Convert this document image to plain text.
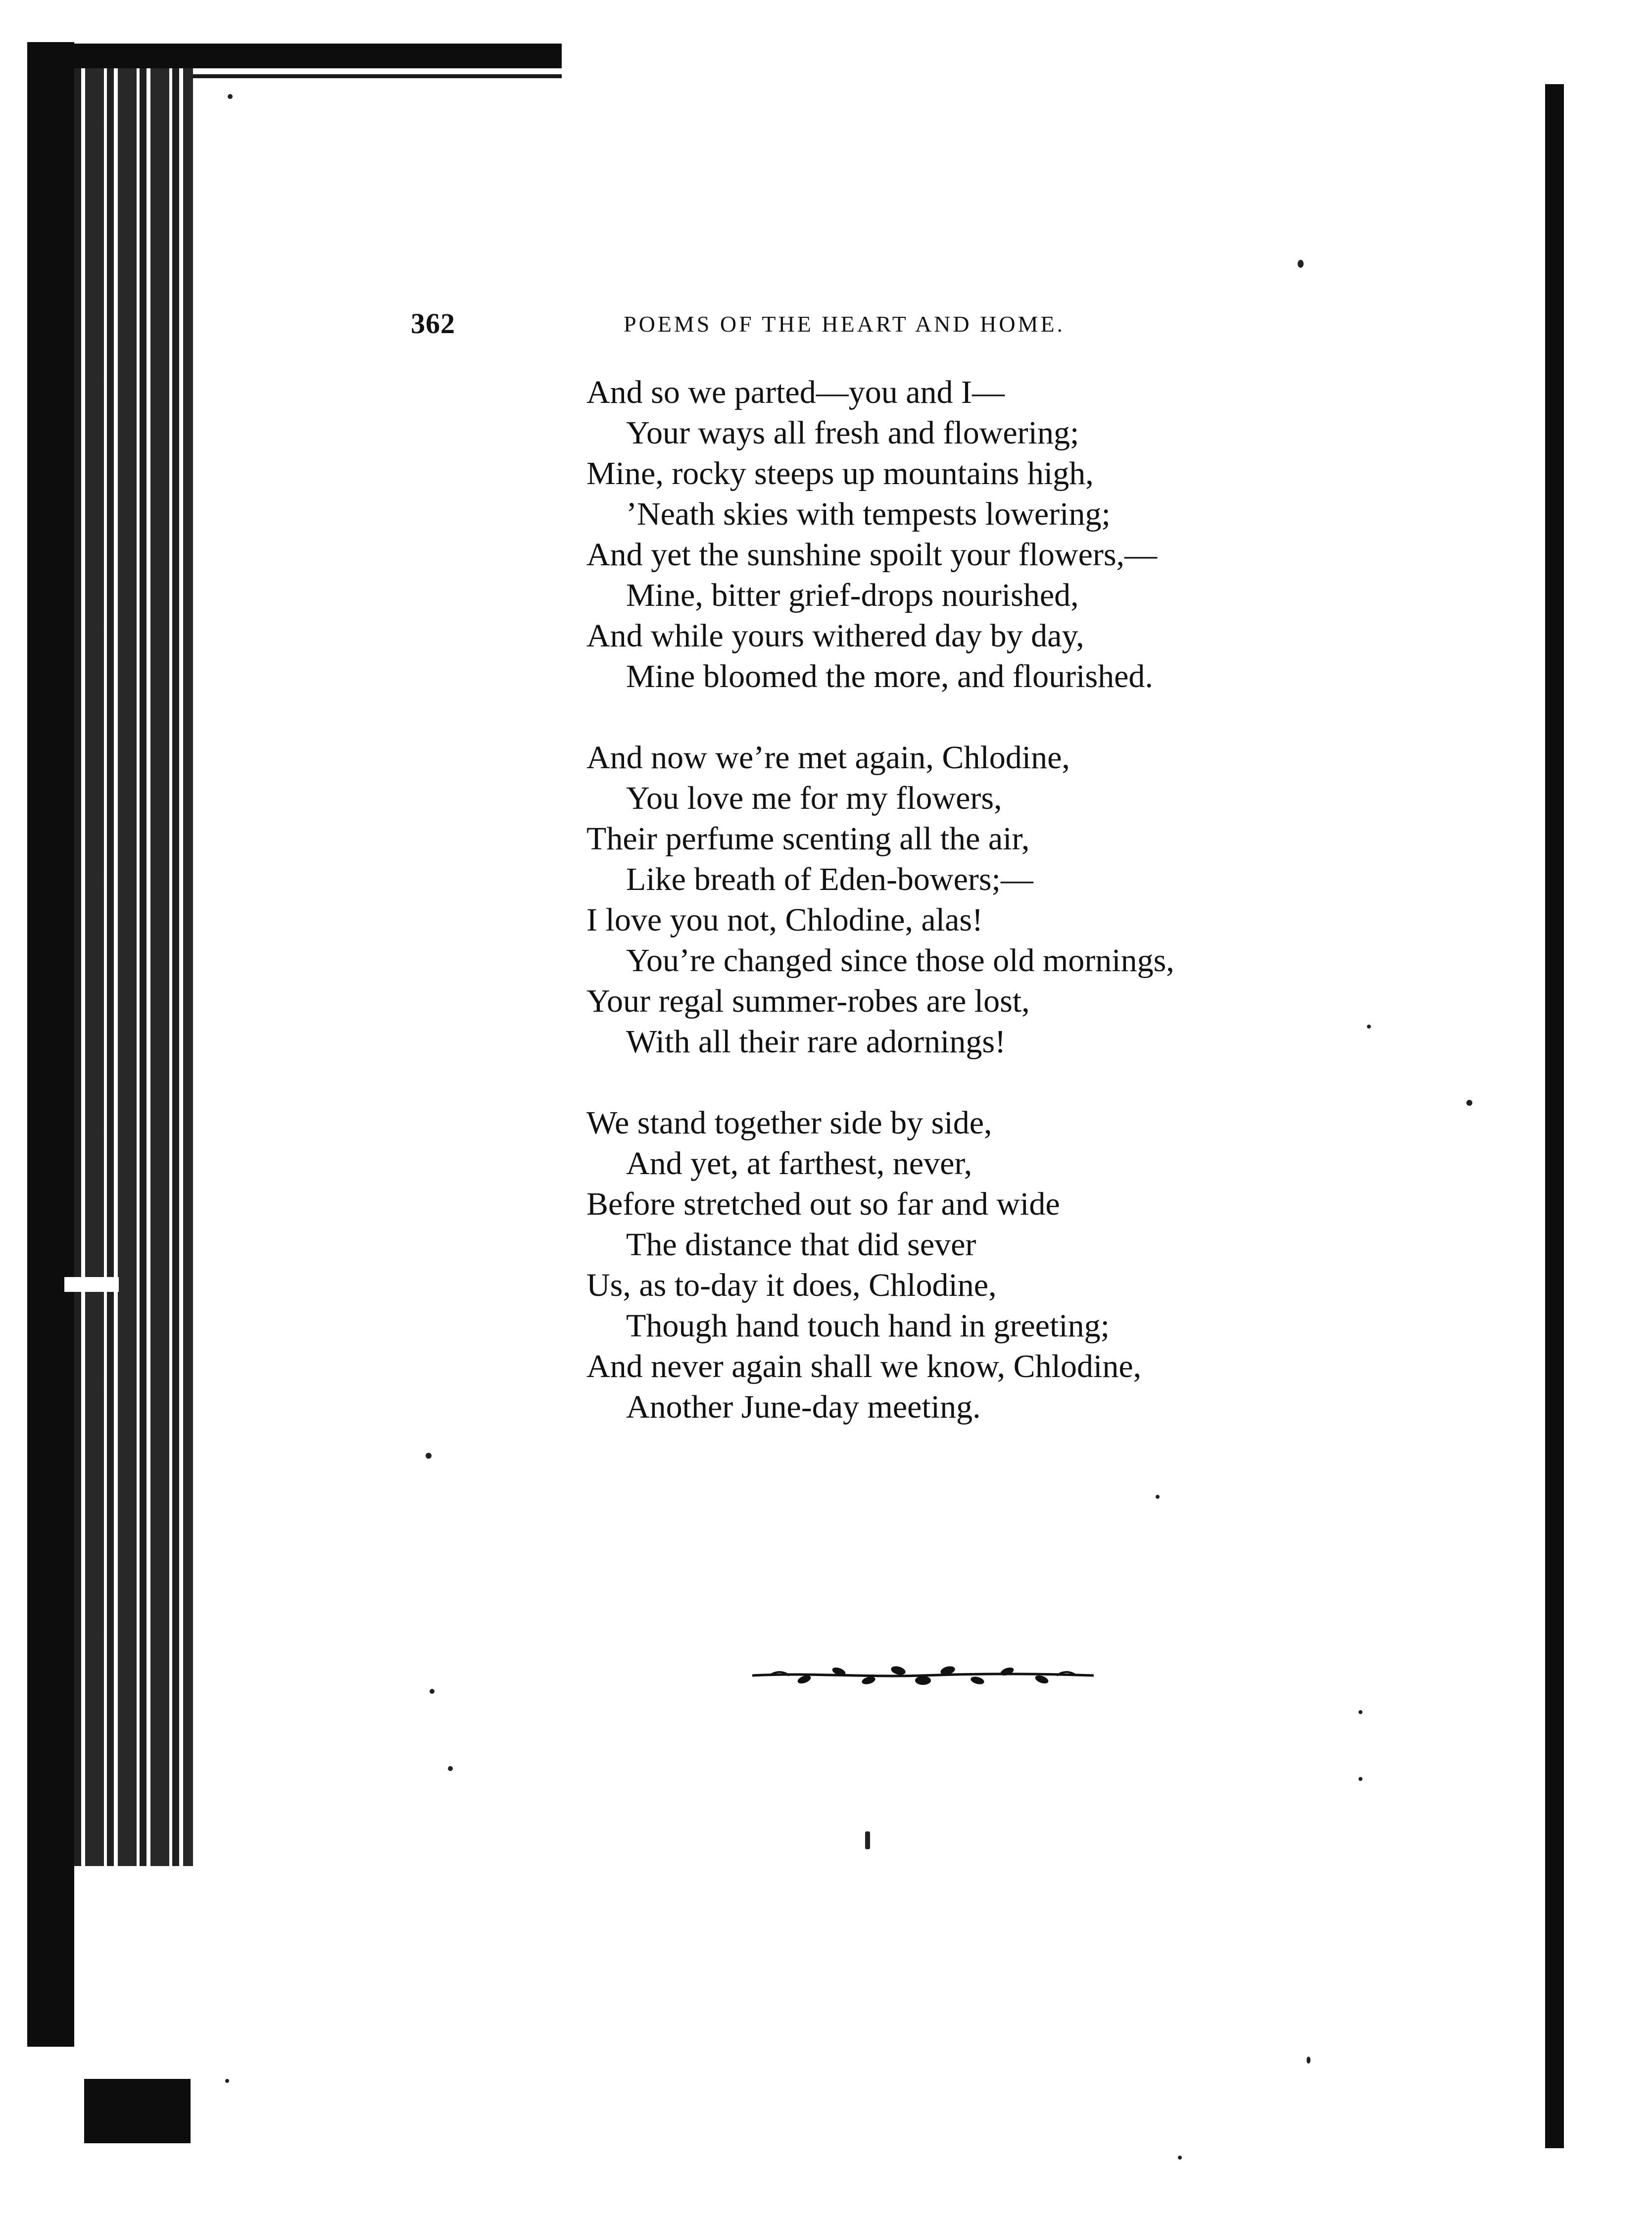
362	POEMS OF THE HEART AND HOME.
And so we parted—you and I—
Your ways all fresh and flowering;
Mine, rocky steeps up mountains high,
’Neath skies with tempests lowering;
And yet the sunshine spoilt your flowers,—
Mine, bitter grief-drops nourished,
And while yours withered day by day,
Mine bloomed the more, and flourished.
And now we’re met again, Chlodine,
You love me for my flowers,
Their perfume scenting all the air,
Like breath of Eden-bowers;—
I love you not, Chlodine, alas!
You’re changed since those old mornings,
Your regal summer-robes are lost,
With all their rare adornings!
We stand together side by side,
And yet, at farthest, never,
Before stretched out so far and wide
The distance that did sever
Us, as to-day it does, Chlodine,
Though hand touch hand in greeting;
And never again shall we know, Chlodine,
Another June-day meeting.
